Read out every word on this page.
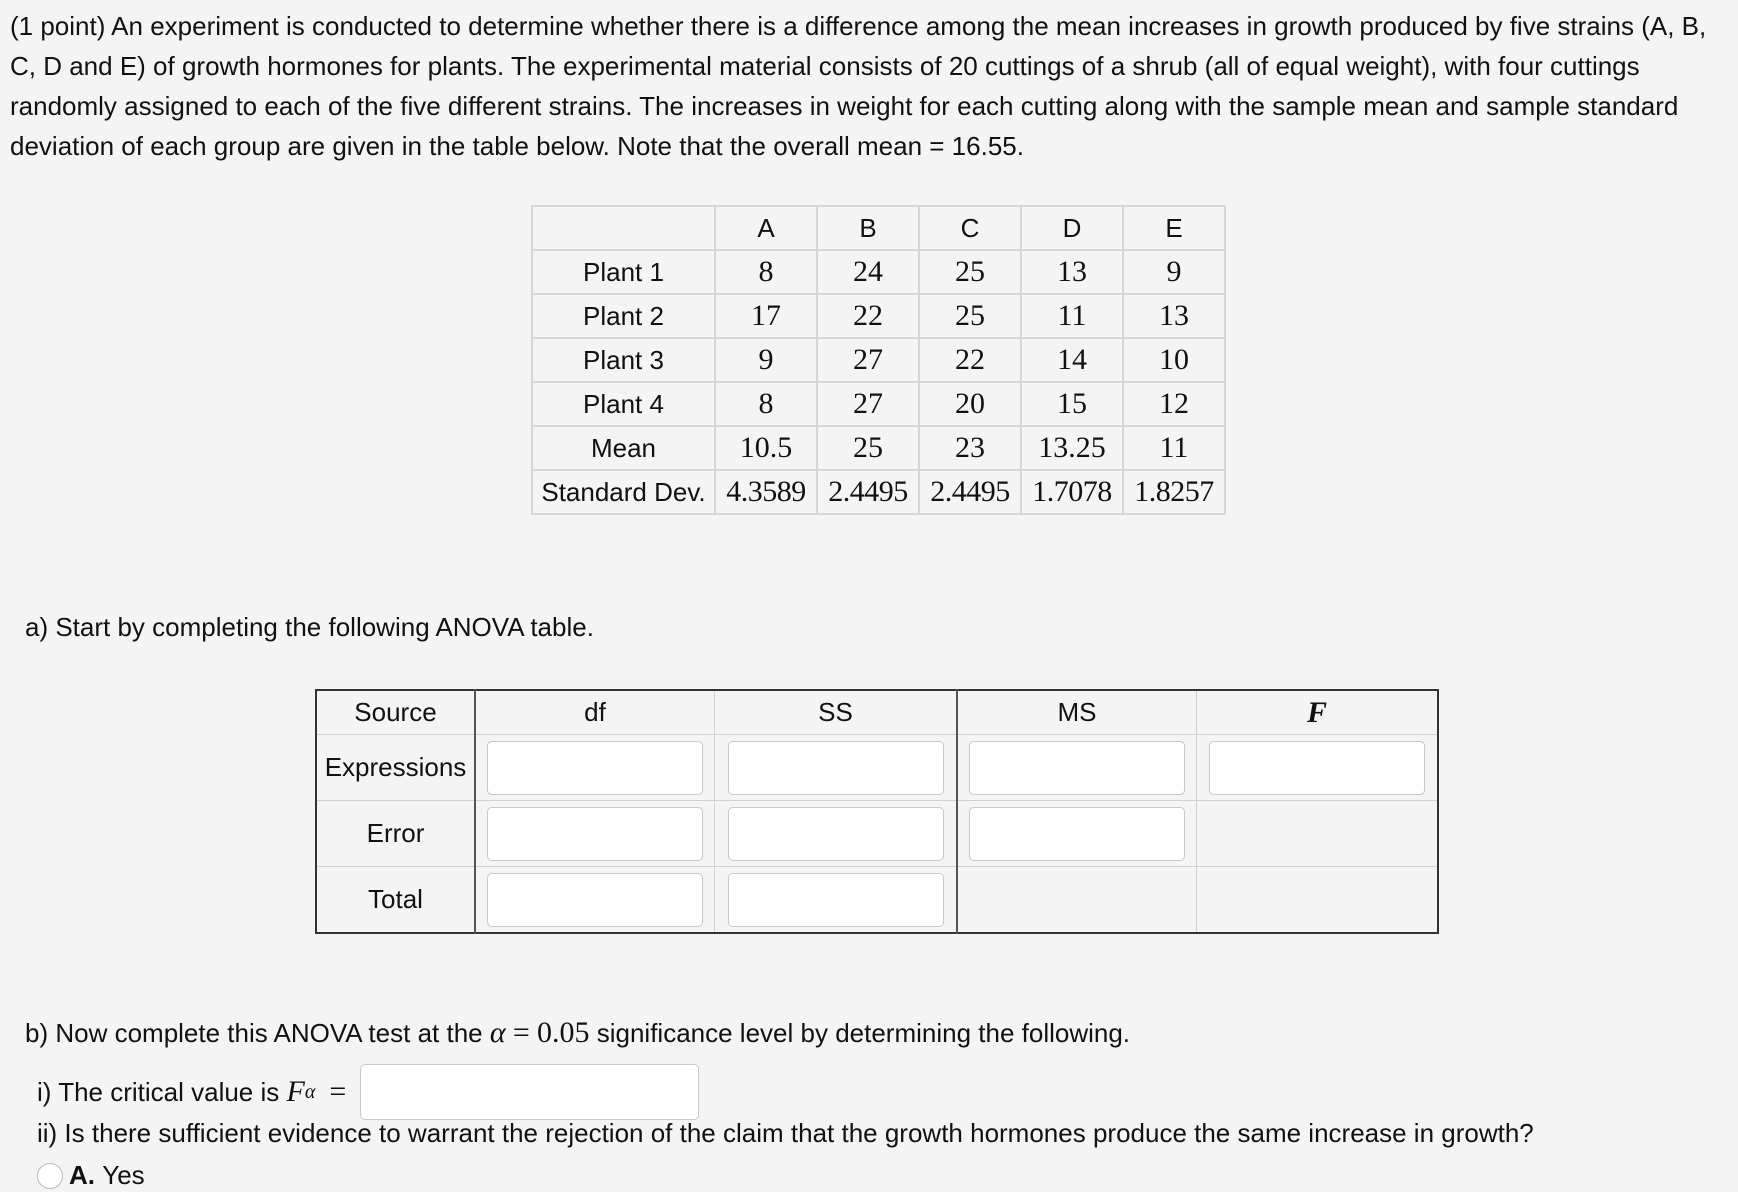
(1 point) An experiment is conducted to determine whether there is a difference among the mean increases in growth produced by five strains (A, B, C, D and E) of growth hormones for plants. The experimental material consists of 20 cuttings of a shrub (all of equal weight), with four cuttings randomly assigned to each of the five different strains. The increases in weight for each cutting along with the sample mean and sample standard deviation of each group are given in the table below. Note that the overall mean = 16.55.

	A	B	C	D	E
Plant 1	8	24	25	13	9
Plant 2	17	22	25	11	13
Plant 3	9	27	22	14	10
Plant 4	8	27	20	15	12
Mean	10.5	25	23	13.25	11
Standard Dev.	4.3589	2.4495	2.4495	1.7078	1.8257
a) Start by completing the following ANOVA table.
Source	df	SS	MS	F
Expressions	

Error	

Total	

b) Now complete this ANOVA test at the α = 0.05 significance level by determining the following.
i) The critical value is
F α =
ii) Is there sufficient evidence to warrant the rejection of the claim that the growth hormones produce the same increase in growth?
A.
Yes
